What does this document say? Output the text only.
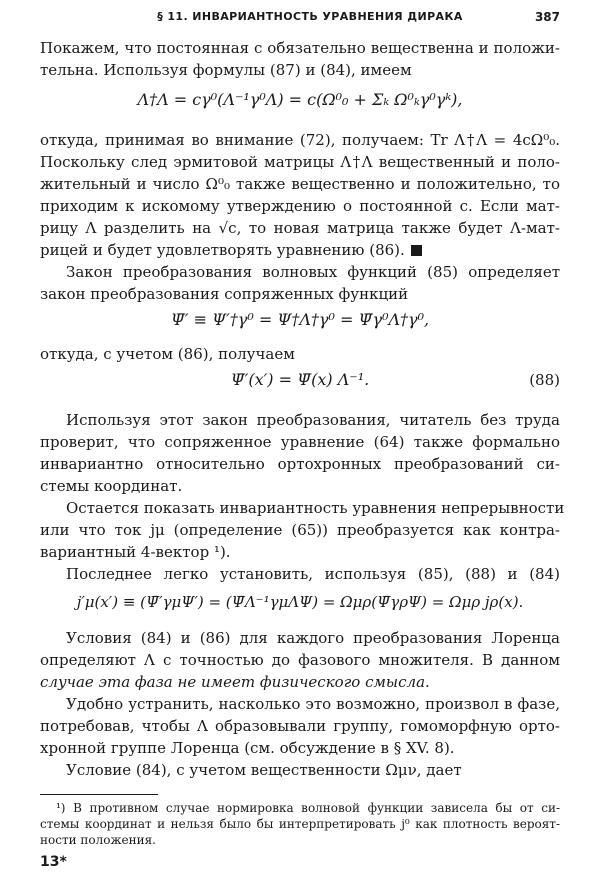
§ 11. ИНВАРИАНТНОСТЬ УРАВНЕНИЯ ДИРАКА	387
Покажем, что постоянная c обязательно вещественна и положи-
тельна. Используя формулы (87) и (84), имеем
Λ†Λ = cγ⁰(Λ⁻¹γ⁰Λ) = c(Ω⁰₀ + Σₖ Ω⁰ₖγ⁰γᵏ),
откуда, принимая во внимание (72), получаем: Tr Λ†Λ = 4cΩ⁰₀.
Поскольку след эрмитовой матрицы Λ†Λ вещественный и поло-
жительный и число Ω⁰₀ также вещественно и положительно, то
приходим к искомому утверждению о постоянной c. Если мат-
рицу Λ разделить на √c, то новая матрица также будет Λ-мат-
рицей и будет удовлетворять уравнению (86).
Закон преобразования волновых функций (85) определяет
закон преобразования сопряженных функций
Ψ̄′ ≡ Ψ′†γ⁰ = Ψ†Λ†γ⁰ = Ψ̄γ⁰Λ†γ⁰,
откуда, с учетом (86), получаем
Ψ̄′(x′) = Ψ̄(x) Λ⁻¹.	(88)
Используя этот закон преобразования, читатель без труда
проверит, что сопряженное уравнение (64) также формально
инвариантно относительно ортохронных преобразований си-
стемы координат.
Остается показать инвариантность уравнения непрерывности
или что ток jμ (определение (65)) преобразуется как контра-
вариантный 4-вектор ¹).
Последнее легко установить, используя (85), (88) и (84)
j′μ(x′) ≡ (Ψ̄′γμΨ′) = (Ψ̄Λ⁻¹γμΛΨ) = Ωμρ(Ψ̄γρΨ) = Ωμρ jρ(x).
Условия (84) и (86) для каждого преобразования Лоренца
определяют Λ с точностью до фазового множителя. В данном
случае эта фаза не имеет физического смысла.
Удобно устранить, насколько это возможно, произвол в фазе,
потребовав, чтобы Λ образовывали группу, гомоморфную орто-
хронной группе Лоренца (см. обсуждение в § XV. 8).
Условие (84), с учетом вещественности Ωμν, дает
¹) В противном случае нормировка волновой функции зависела бы от си-
стемы координат и нельзя было бы интерпретировать j⁰ как плотность вероят-
ности положения.
13*
